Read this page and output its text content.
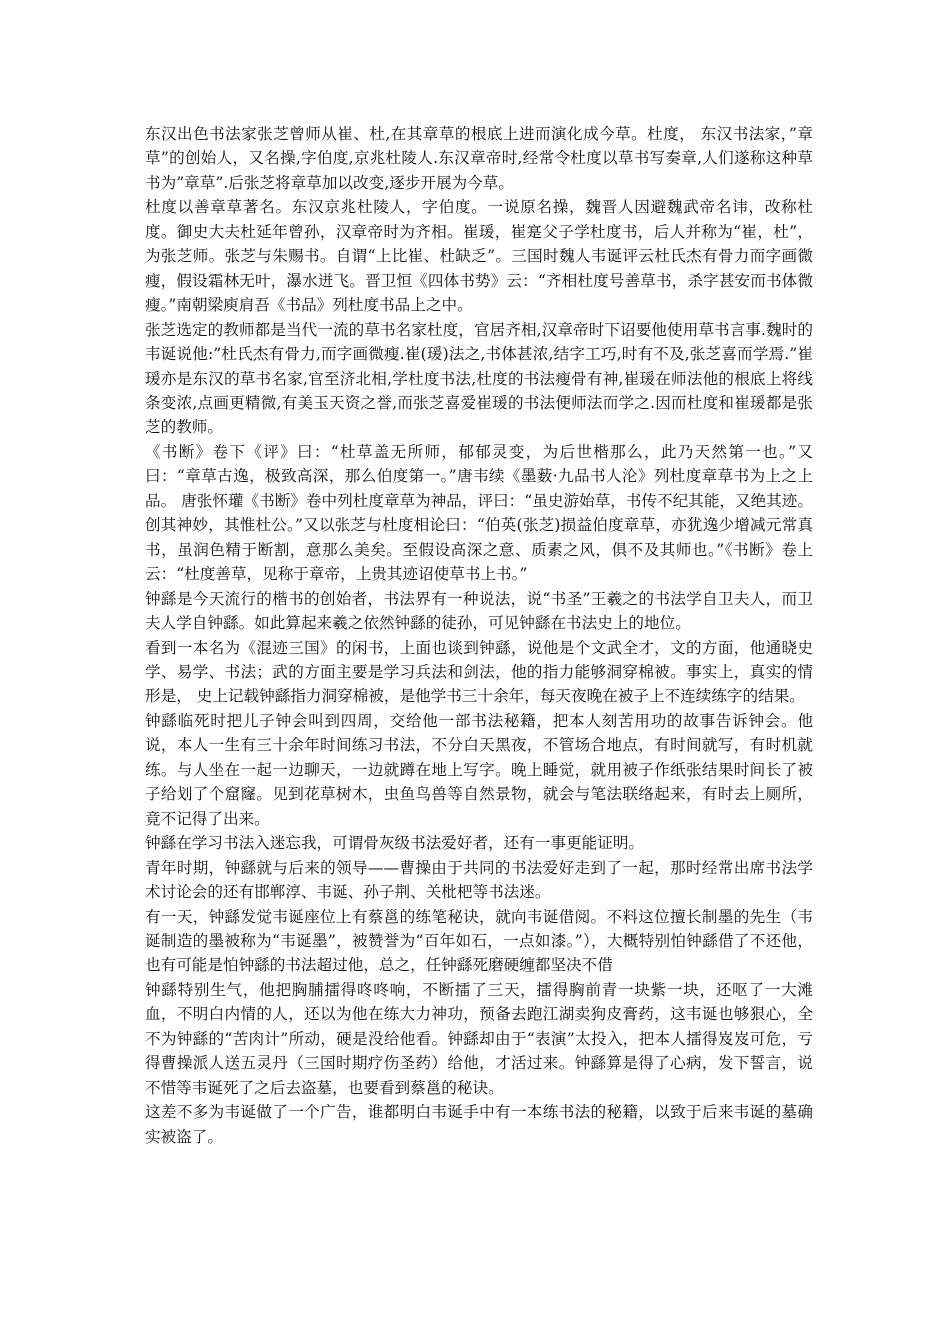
东汉出色书法家张芝曾师从崔、杜,在其章草的根底上进而演化成今草。杜度， 东汉书法家，”章草”的创始人，又名操,字伯度,京兆杜陵人.东汉章帝时,经常令杜度以草书写奏章,人们遂称这种草书为”章草”.后张芝将章草加以改变,逐步开展为今草。

杜度以善章草著名。东汉京兆杜陵人，字伯度。一说原名操，魏晋人因避魏武帝名讳，改称杜度。御史大夫杜延年曾孙，汉章帝时为齐相。崔瑗，崔寔父子学杜度书，后人并称为“崔，杜”，为张芝师。张芝与朱赐书。自谓“上比崔、杜缺乏”。三国时魏人韦诞评云杜氏杰有骨力而字画微瘦，假设霜林无叶，瀑水迸飞。晋卫恒《四体书势》云：“齐相杜度号善草书，杀字甚安而书体微瘦。”南朝梁庾肩吾《书品》列杜度书品上之中。

张芝选定的教师都是当代一流的草书名家杜度，官居齐相,汉章帝时下诏要他使用草书言事.魏时的韦诞说他:”杜氏杰有骨力,而字画微瘦.崔(瑗)法之,书体甚浓,结字工巧,时有不及,张芝喜而学焉.”崔瑗亦是东汉的草书名家,官至济北相,学杜度书法,杜度的书法瘦骨有神,崔瑗在师法他的根底上将线条变浓,点画更精微,有美玉天资之誉,而张芝喜爱崔瑗的书法便师法而学之.因而杜度和崔瑗都是张芝的教师。

《书断》卷下《评》曰：“杜草盖无所师，郁郁灵变，为后世楷那么，此乃天然第一也。”又曰：“章草古逸，极致高深，那么伯度第一。”唐韦续《墨薮·九品书人沦》列杜度章草书为上之上品。 唐张怀瓘《书断》卷中列杜度章草为神品，评曰：“虽史游始草，书传不纪其能，又绝其迹。创其神妙，其惟杜公。”又以张芝与杜度相论曰：“伯英(张芝)损益伯度章草，亦犹逸少增减元常真书，虽润色精于断割，意那么美矣。至假设高深之意、质素之风，俱不及其师也。”《书断》卷上云：“杜度善草，见称于章帝，上贵其迹诏使草书上书。”

钟繇是今天流行的楷书的创始者，书法界有一种说法，说“书圣”王羲之的书法学自卫夫人，而卫夫人学自钟繇。如此算起来羲之依然钟繇的徒孙，可见钟繇在书法史上的地位。

看到一本名为《混迹三国》的闲书，上面也谈到钟繇，说他是个文武全才，文的方面，他通晓史学、易学、书法；武的方面主要是学习兵法和剑法，他的指力能够洞穿棉被。事实上，真实的情形是， 史上记载钟繇指力洞穿棉被，是他学书三十余年，每天夜晚在被子上不连续练字的结果。

钟繇临死时把儿子钟会叫到四周，交给他一部书法秘籍，把本人刻苦用功的故事告诉钟会。他说，本人一生有三十余年时间练习书法，不分白天黑夜，不管场合地点，有时间就写，有时机就练。与人坐在一起一边聊天，一边就蹲在地上写字。晚上睡觉，就用被子作纸张结果时间长了被子给划了个窟窿。见到花草树木，虫鱼鸟兽等自然景物，就会与笔法联络起来，有时去上厕所，竟不记得了出来。

钟繇在学习书法入迷忘我，可谓骨灰级书法爱好者，还有一事更能证明。

青年时期，钟繇就与后来的领导——曹操由于共同的书法爱好走到了一起，那时经常出席书法学术讨论会的还有邯郸淳、韦诞、孙子荆、关枇杷等书法迷。

有一天，钟繇发觉韦诞座位上有蔡邕的练笔秘诀，就向韦诞借阅。不料这位擅长制墨的先生（韦诞制造的墨被称为“韦诞墨”，被赞誉为“百年如石，一点如漆。”），大概特别怕钟繇借了不还他，也有可能是怕钟繇的书法超过他，总之，任钟繇死磨硬缠都坚决不借

钟繇特别生气，他把胸脯擂得咚咚响，不断擂了三天，擂得胸前青一块紫一块，还呕了一大滩血，不明白内情的人，还以为他在练大力神功，预备去跑江湖卖狗皮膏药，这韦诞也够狠心，全不为钟繇的“苦肉计”所动，硬是没给他看。钟繇却由于“表演”太投入，把本人擂得岌岌可危，亏得曹操派人送五灵丹（三国时期疗伤圣药）给他，才活过来。钟繇算是得了心病，发下誓言，说不惜等韦诞死了之后去盗墓，也要看到蔡邕的秘诀。

这差不多为韦诞做了一个广告，谁都明白韦诞手中有一本练书法的秘籍，以致于后来韦诞的墓确实被盗了。
